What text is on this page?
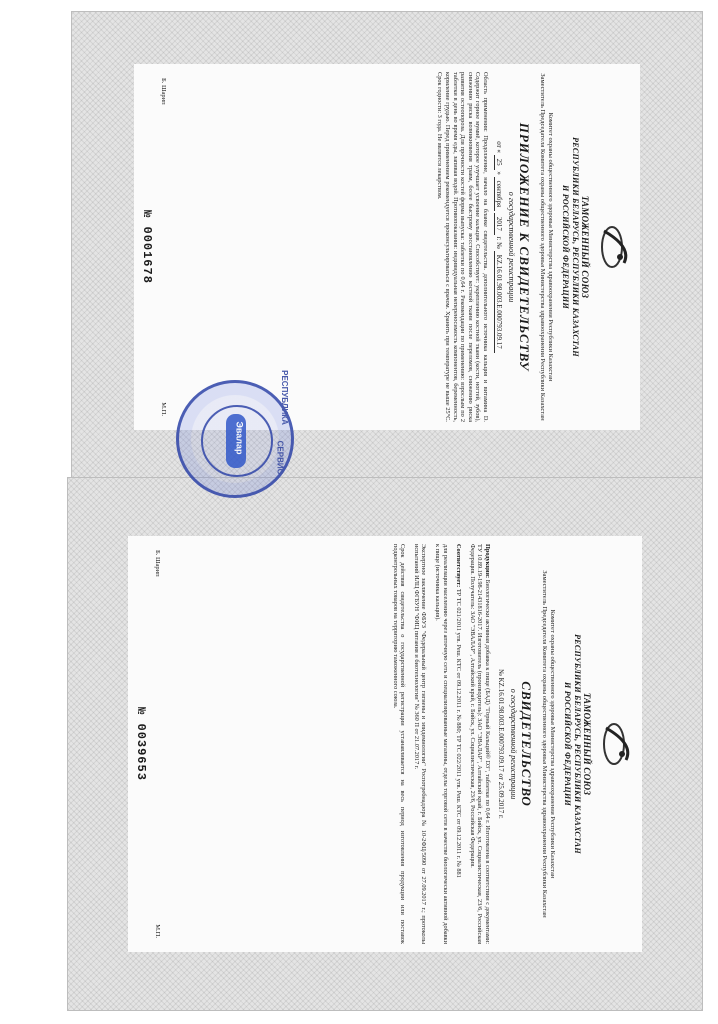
ТАМОЖЕННЫЙ СОЮЗ
РЕСПУБЛИКИ БЕЛАРУСЬ, РЕСПУБЛИКИ КАЗАХСТАН
И РОССИЙСКОЙ ФЕДЕРАЦИИ
Комитет охраны общественного здоровья Министерства здравоохранения Республики Казахстан
Заместитель Председателя Комитета охраны общественного здоровья Министерства здравоохранения Республики Казахстан
ПРИЛОЖЕНИЕ К СВИДЕТЕЛЬСТВУ
о государственной регистрации
от « 25 » сентября 2017 г. № KZ.16.01.98.003.E.000793.09.17
Область применения: Продолжение, начало на бланке свидетельства. дополнительного источника кальция и витамина D. Содержит горное мумиё, которое улучшает усвоение кальция. Способствует: укреплению костной ткани (кости, ногтей, зубов), снижению риска возникновения травм, более быстрому восстановлению костной ткани после переломов, снижению риска развития остеопороза. Для прочности костей форма выпуска: таблетки по 0,64 г. Рекомендации по применению: взрослым по 2 таблетки в день во время еды, запивая водой. Противопоказания: индивидуальная непереносимость компонентов, беременность, кормление грудью. Перед применением рекомендуется проконсультироваться с врачом. Хранить при температуре не выше 25°С. Срок годности: 3 года. Не является лекарством.
Б. Шарип
М.П.
№ 0001678
ТАМОЖЕННЫЙ СОЮЗ
РЕСПУБЛИКИ БЕЛАРУСЬ, РЕСПУБЛИКИ КАЗАХСТАН
И РОССИЙСКОЙ ФЕДЕРАЦИИ
Комитет охраны общественного здоровья Министерства здравоохранения Республики Казахстан
Заместитель Председателя Комитета охраны общественного здоровья Министерства здравоохранения Республики Казахстан
СВИДЕТЕЛЬСТВО
о государственной регистрации
№ KZ.16.01.98.003.E.000793.09.17 от 25.09.2017 г.
Продукция: Биологически активная добавка к пище (БАД) "Горный Кальций® D3", таблетки по 0,64 г. Изготовлена в соответствии с документами: ТУ 10.89.19-198-21431816-2017. Изготовитель (производитель): ЗАО "ЭВАЛАР", Алтайский край, г. Бийск, ул. Социалистическая, 23/6, Российская Федерация. Получатель: ЗАО "ЭВАЛАР", Алтайский край, г. Бийск, ул. Социалистическая, 23/6, Российская Федерация.
Соответствует: ТР ТС 021/2011 утв. Реш. КТС от 09.12.2011 г. № 880; ТР ТС 022/2011 утв. Реш. КТС от 09.12.2011 г. № 881
для реализации населению через аптечную сеть и специализированные магазины, отделы торговой сети в качестве биологически активной добавки к пище (источника кальция).
Экспертное заключение ФБУЗ "Федеральный центр гигиены и эпидемиологии" Роспотребнадзора № 10-2ФЦ/5090 от 27.09.2017 г.; протоколы испытаний ИЛЦ ФГБУН "ФИЦ питания и биотехнологии" № 360 П от 21.07.2017 г.
Срок действия свидетельства о государственной регистрации устанавливается на весь период изготовления продукции или поставок подконтрольных товаров на территорию таможенного союза.
Б. Шарип
М.П.
№ 0039653
Эвалар
РЕСПУБЛИКА
СЕРВИС
